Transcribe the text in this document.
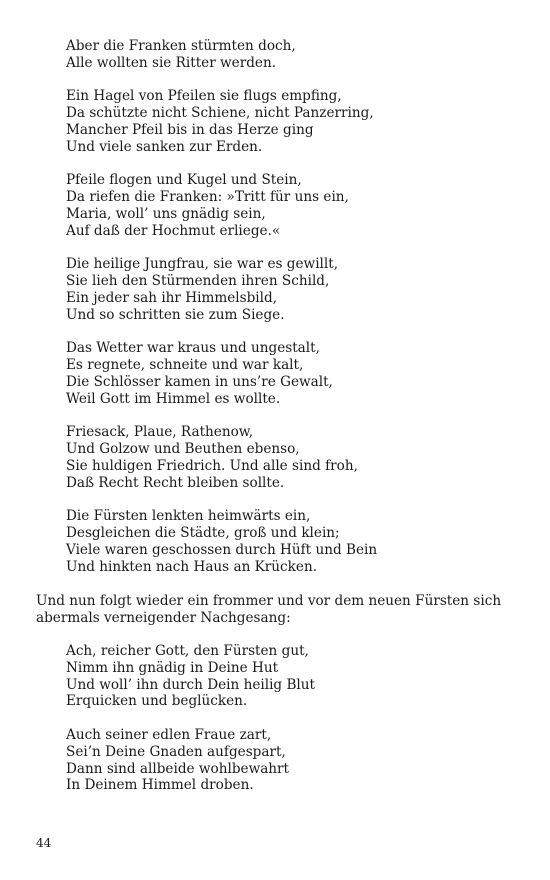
Aber die Franken stürmten doch,
Alle wollten sie Ritter werden.
Ein Hagel von Pfeilen sie flugs empfing,
Da schützte nicht Schiene, nicht Panzerring,
Mancher Pfeil bis in das Herze ging
Und viele sanken zur Erden.
Pfeile flogen und Kugel und Stein,
Da riefen die Franken: »Tritt für uns ein,
Maria, woll’ uns gnädig sein,
Auf daß der Hochmut erliege.«
Die heilige Jungfrau, sie war es gewillt,
Sie lieh den Stürmenden ihren Schild,
Ein jeder sah ihr Himmelsbild,
Und so schritten sie zum Siege.
Das Wetter war kraus und ungestalt,
Es regnete, schneite und war kalt,
Die Schlösser kamen in uns’re Gewalt,
Weil Gott im Himmel es wollte.
Friesack, Plaue, Rathenow,
Und Golzow und Beuthen ebenso,
Sie huldigen Friedrich. Und alle sind froh,
Daß Recht Recht bleiben sollte.
Die Fürsten lenkten heimwärts ein,
Desgleichen die Städte, groß und klein;
Viele waren geschossen durch Hüft und Bein
Und hinkten nach Haus an Krücken.

Und nun folgt wieder ein frommer und vor dem neuen Fürsten sich
abermals verneigender Nachgesang:

Ach, reicher Gott, den Fürsten gut,
Nimm ihn gnädig in Deine Hut
Und woll’ ihn durch Dein heilig Blut
Erquicken und beglücken.
Auch seiner edlen Fraue zart,
Sei’n Deine Gnaden aufgespart,
Dann sind allbeide wohlbewahrt
In Deinem Himmel droben.
44
